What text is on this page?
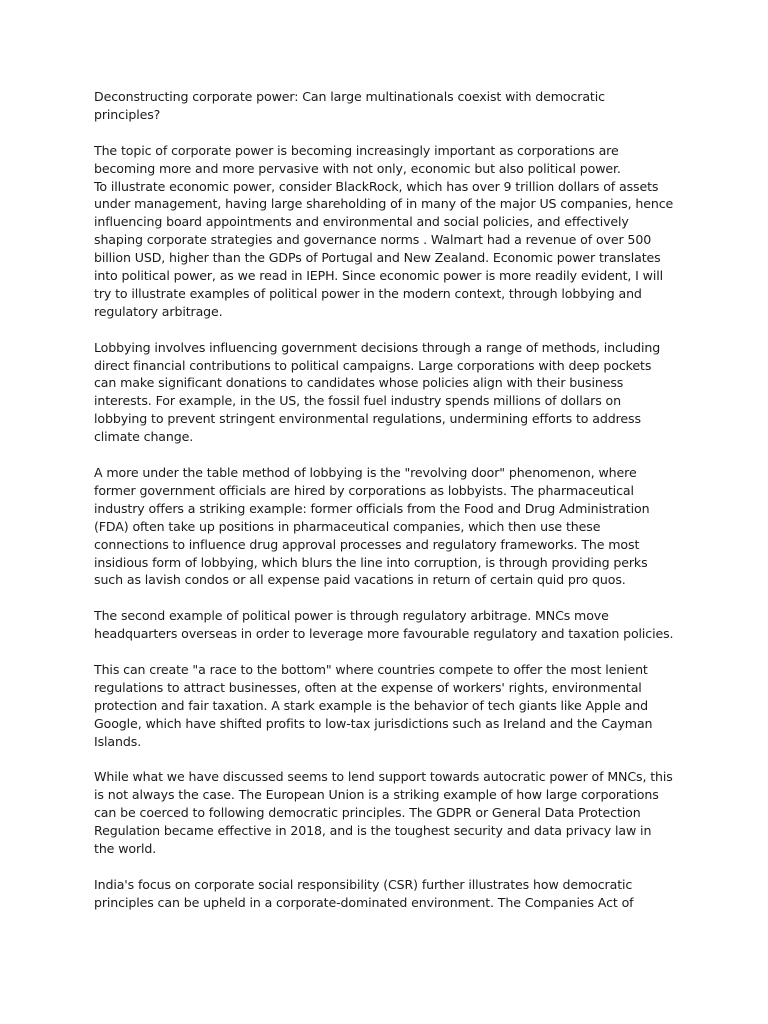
Deconstructing corporate power: Can large multinationals coexist with democratic principles?

The topic of corporate power is becoming increasingly important as corporations are becoming more and more pervasive with not only, economic but also political power.

To illustrate economic power, consider BlackRock, which has over 9 trillion dollars of assets under management, having large shareholding of in many of the major US companies, hence influencing board appointments and environmental and social policies, and effectively shaping corporate strategies and governance norms . Walmart had a revenue of over 500 billion USD, higher than the GDPs of Portugal and New Zealand. Economic power translates into political power, as we read in IEPH. Since economic power is more readily evident, I will try to illustrate examples of political power in the modern context, through lobbying and regulatory arbitrage.

Lobbying involves influencing government decisions through a range of methods, including direct financial contributions to political campaigns. Large corporations with deep pockets can make significant donations to candidates whose policies align with their business interests. For example, in the US, the fossil fuel industry spends millions of dollars on lobbying to prevent stringent environmental regulations, undermining efforts to address climate change.

A more under the table method of lobbying is the "revolving door" phenomenon, where former government officials are hired by corporations as lobbyists. The pharmaceutical industry offers a striking example: former officials from the Food and Drug Administration (FDA) often take up positions in pharmaceutical companies, which then use these connections to influence drug approval processes and regulatory frameworks. The most insidious form of lobbying, which blurs the line into corruption, is through providing perks such as lavish condos or all expense paid vacations in return of certain quid pro quos.

The second example of political power is through regulatory arbitrage. MNCs move headquarters overseas in order to leverage more favourable regulatory and taxation policies.

This can create "a race to the bottom" where countries compete to offer the most lenient regulations to attract businesses, often at the expense of workers' rights, environmental protection and fair taxation. A stark example is the behavior of tech giants like Apple and Google, which have shifted profits to low-tax jurisdictions such as Ireland and the Cayman Islands.

While what we have discussed seems to lend support towards autocratic power of MNCs, this is not always the case. The European Union is a striking example of how large corporations can be coerced to following democratic principles. The GDPR or General Data Protection Regulation became effective in 2018, and is the toughest security and data privacy law in the world.

India's focus on corporate social responsibility (CSR) further illustrates how democratic principles can be upheld in a corporate-dominated environment. The Companies Act of
